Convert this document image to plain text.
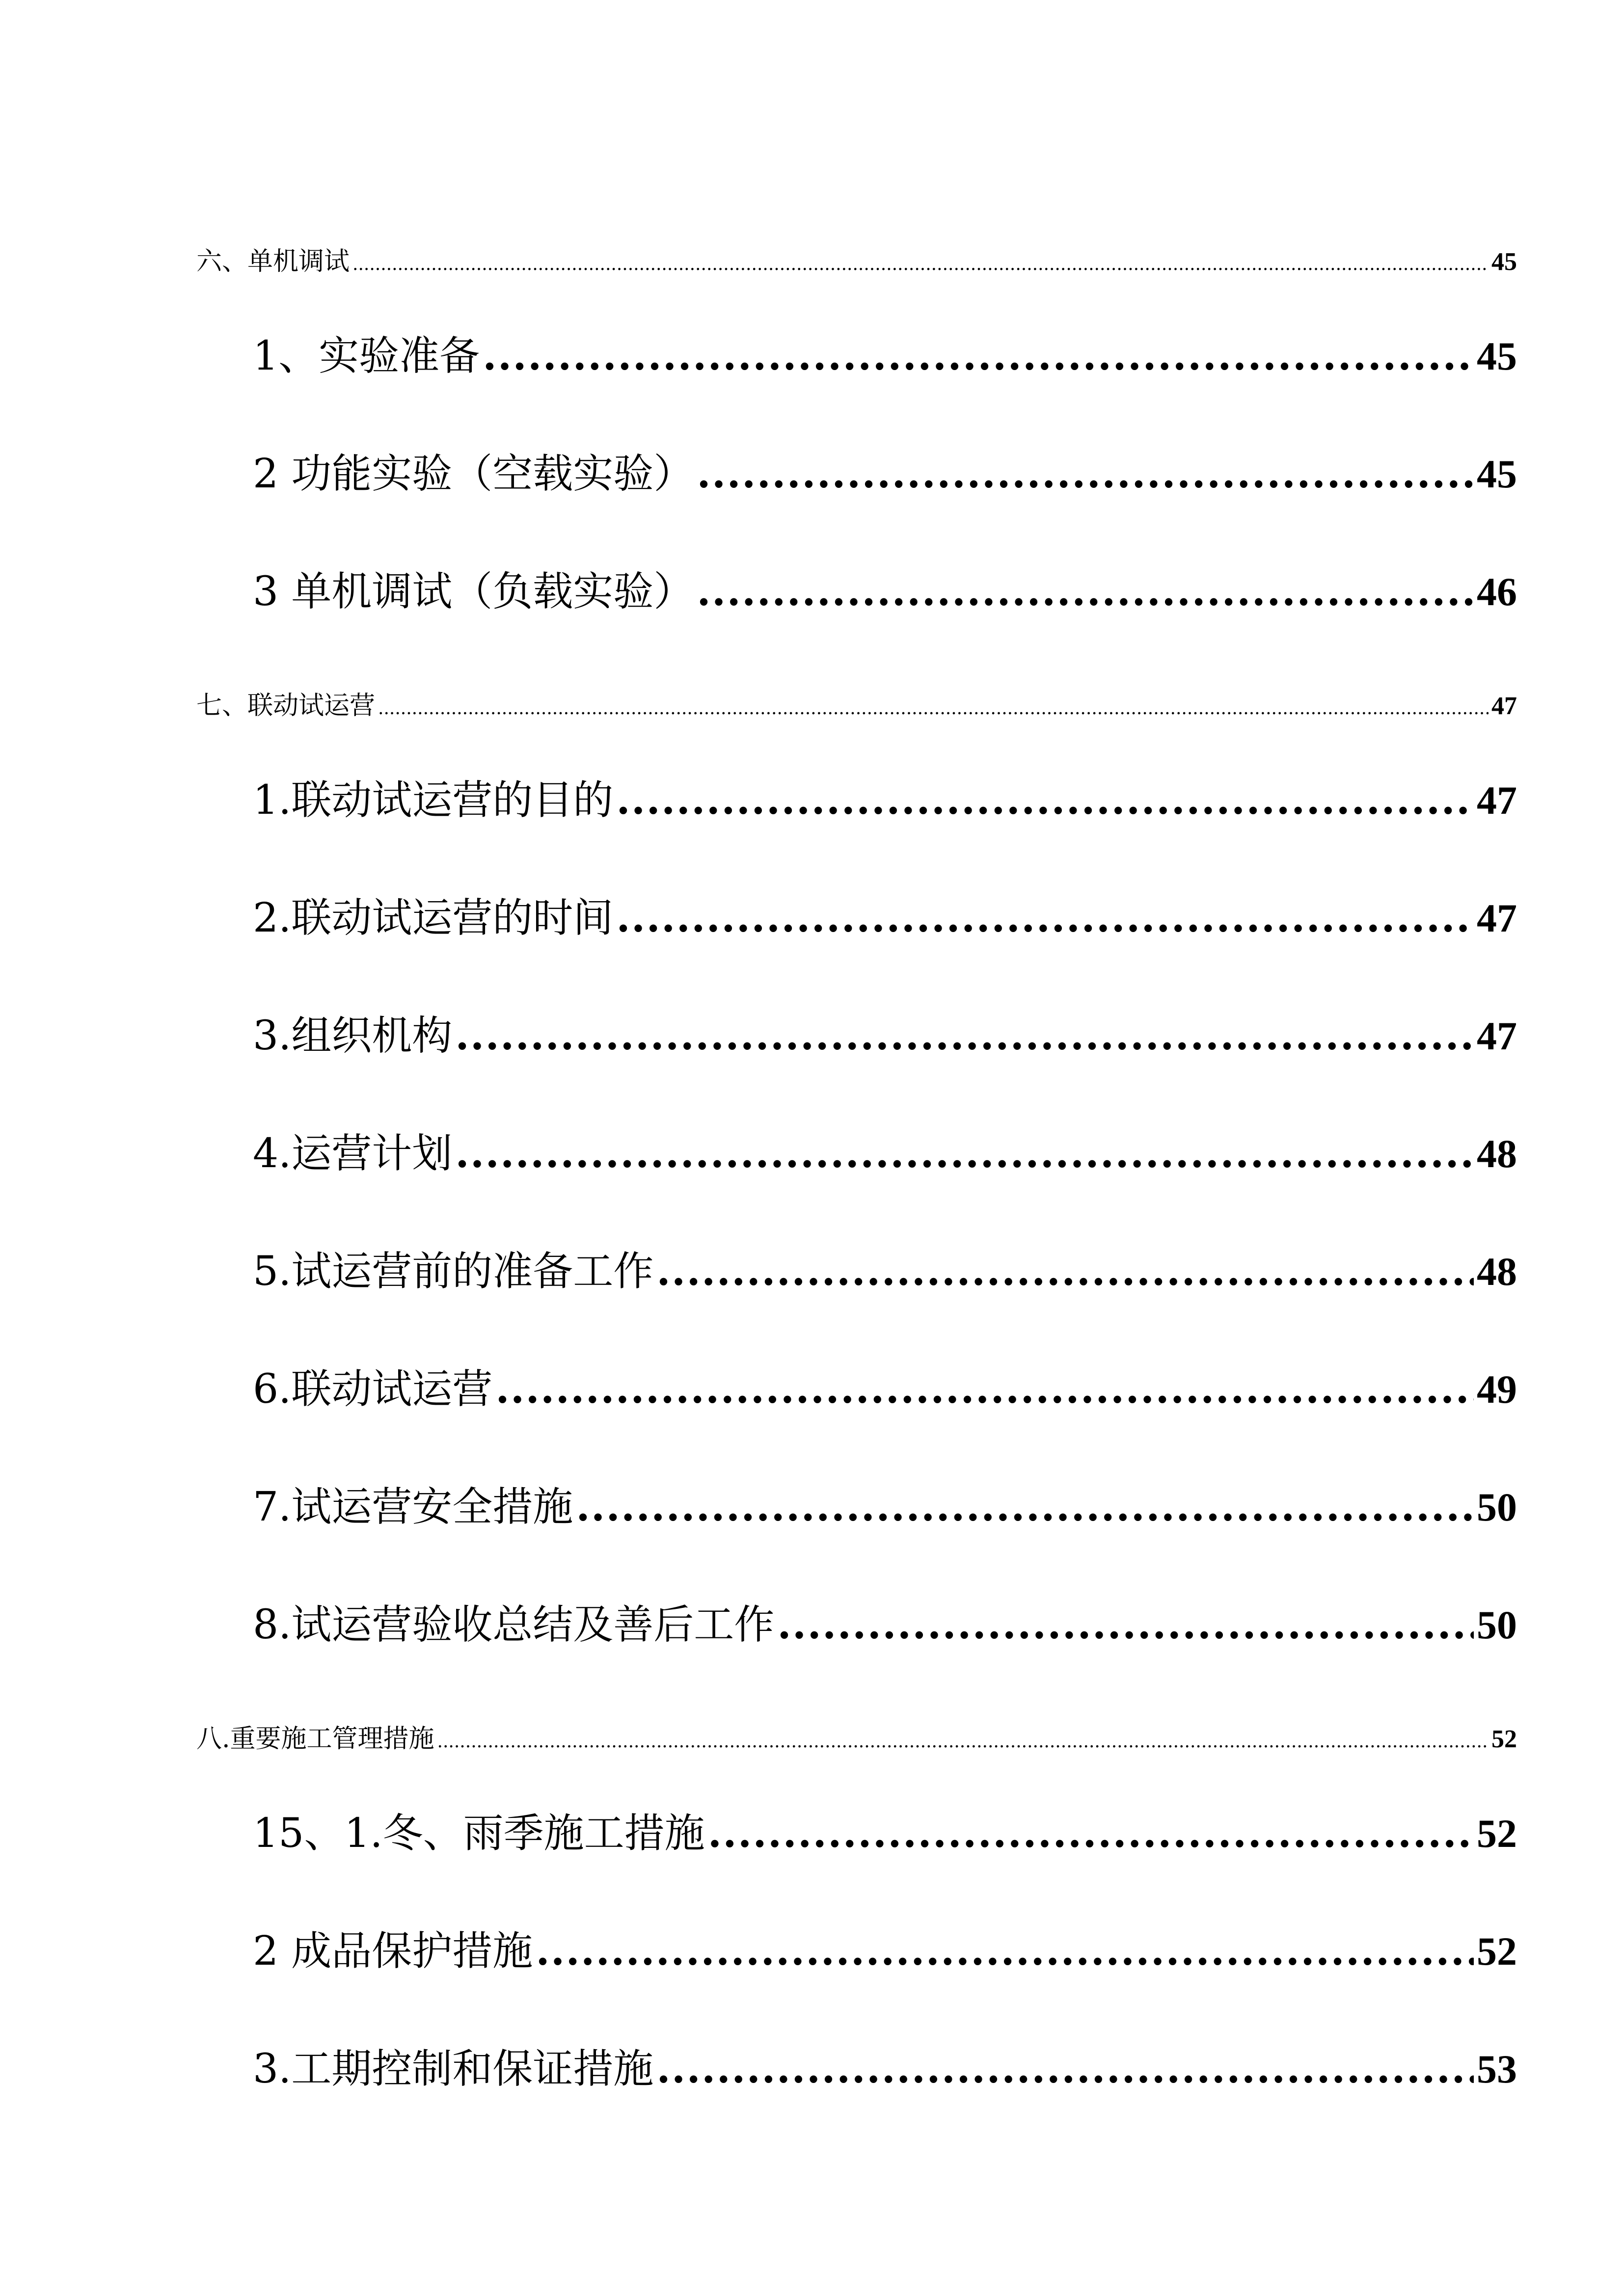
六、单机调试 .....	45
1、实验准备 .....	45
2 功能实验（空载实验） .....	45
3 单机调试（负载实验） .....	46
七、联动试运营 .....	47
1.联动试运营的目的 .....	47
2.联动试运营的时间 .....	47
3.组织机构 .....	47
4.运营计划 .....	48
5.试运营前的准备工作 .....	48
6.联动试运营 .....	49
7.试运营安全措施 .....	50
8.试运营验收总结及善后工作 .....	50
八.重要施工管理措施 .....	52
15、1.冬、雨季施工措施 .....	52
2 成品保护措施 .....	52
3.工期控制和保证措施 .....	53
